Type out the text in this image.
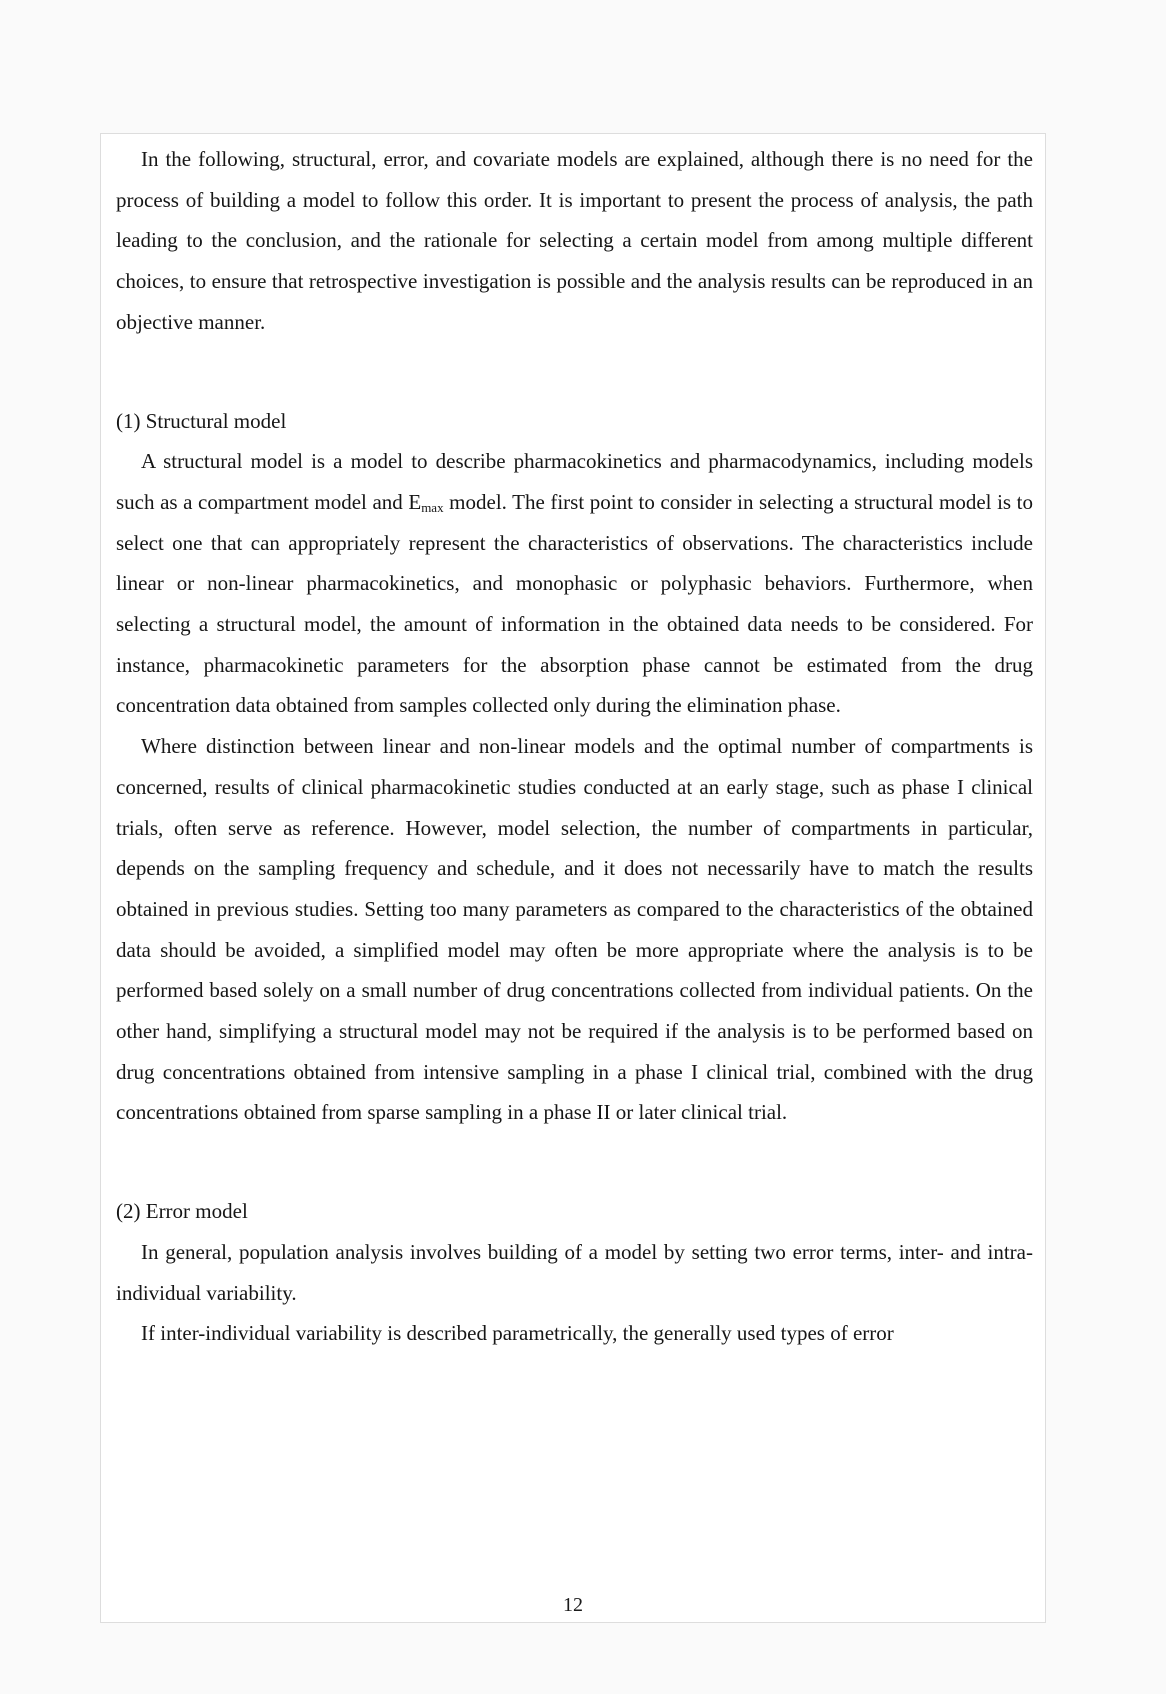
In the following, structural, error, and covariate models are explained, although there is no need for the process of building a model to follow this order. It is important to present the process of analysis, the path leading to the conclusion, and the rationale for selecting a certain model from among multiple different choices, to ensure that retrospective investigation is possible and the analysis results can be reproduced in an objective manner.

(1) Structural model

A structural model is a model to describe pharmacokinetics and pharmacodynamics, including models such as a compartment model and $E_{max}$ model. The first point to consider in selecting a structural model is to select one that can appropriately represent the characteristics of observations. The characteristics include linear or non-linear pharmacokinetics, and monophasic or polyphasic behaviors. Furthermore, when selecting a structural model, the amount of information in the obtained data needs to be considered. For instance, pharmacokinetic parameters for the absorption phase cannot be estimated from the drug concentration data obtained from samples collected only during the elimination phase.

Where distinction between linear and non-linear models and the optimal number of compartments is concerned, results of clinical pharmacokinetic studies conducted at an early stage, such as phase I clinical trials, often serve as reference. However, model selection, the number of compartments in particular, depends on the sampling frequency and schedule, and it does not necessarily have to match the results obtained in previous studies. Setting too many parameters as compared to the characteristics of the obtained data should be avoided, a simplified model may often be more appropriate where the analysis is to be performed based solely on a small number of drug concentrations collected from individual patients. On the other hand, simplifying a structural model may not be required if the analysis is to be performed based on drug concentrations obtained from intensive sampling in a phase I clinical trial, combined with the drug concentrations obtained from sparse sampling in a phase II or later clinical trial.

(2) Error model

In general, population analysis involves building of a model by setting two error terms, inter- and intra-individual variability.

If inter-individual variability is described parametrically, the generally used types of error

12
